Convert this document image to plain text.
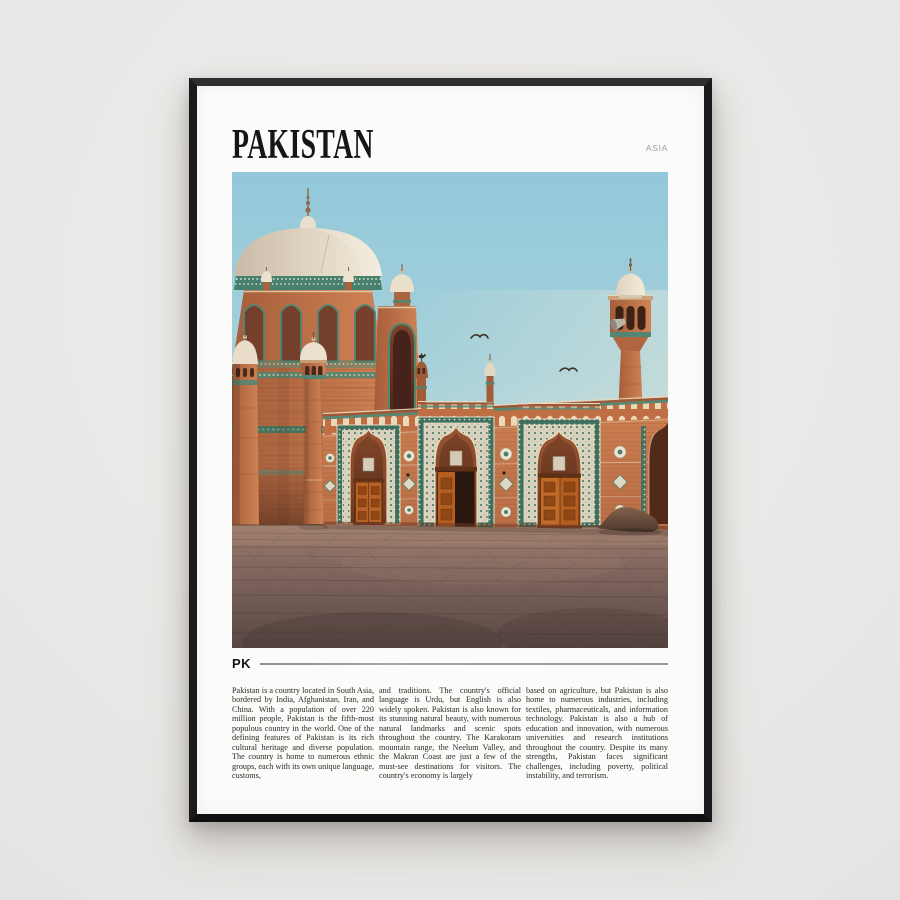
PAKISTAN	ASIA
PK

Pakistan is a country located in South Asia, bordered by India, Afghanistan, Iran, and China. With a population of over 220 million people, Pakistan is the fifth-most populous country in the world. One of the defining features of Pakistan is its rich cultural heritage and diverse population. The country is home to numerous ethnic groups, each with its own unique language, customs,

and traditions. The country's official language is Urdu, but English is also widely spoken. Pakistan is also known for its stunning natural beauty, with numerous natural landmarks and scenic spots throughout the country. The Karakoram mountain range, the Neelum Valley, and the Makran Coast are just a few of the must-see destinations for visitors. The country's economy is largely

based on agriculture, but Pakistan is also home to numerous industries, including textiles, pharmaceuticals, and information technology. Pakistan is also a hub of education and innovation, with numerous universities and research institutions throughout the country. Despite its many strengths, Pakistan faces significant challenges, including poverty, political instability, and terrorism.
